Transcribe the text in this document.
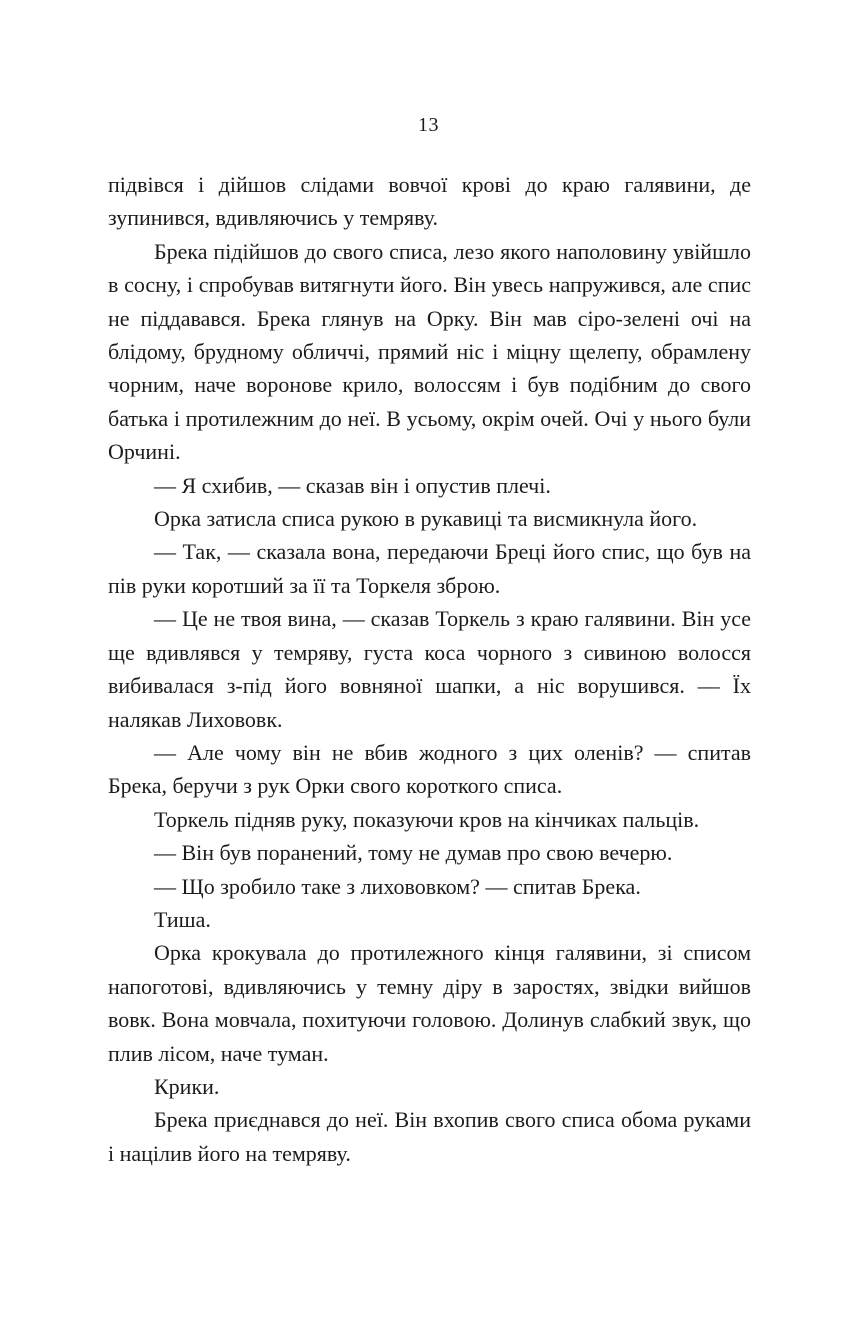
13

підвівся і дійшов слідами вовчої крові до краю галявини, де зупинився, вдивляючись у темряву.

Брека підійшов до свого списа, лезо якого наполовину увійшло в сосну, і спробував витягнути його. Він увесь напружився, але спис не піддавався. Брека глянув на Орку. Він мав сіро-зелені очі на блідому, брудному обличчі, прямий ніс і міцну щелепу, обрамлену чорним, наче воронове крило, волоссям і був подібним до свого батька і протилежним до неї. В усьому, окрім очей. Очі у нього були Орчині.

— Я схибив, — сказав він і опустив плечі.

Орка затисла списа рукою в рукавиці та висмикнула його.

— Так, — сказала вона, передаючи Бреці його спис, що був на пів руки коротший за її та Торкеля зброю.

— Це не твоя вина, — сказав Торкель з краю галявини. Він усе ще вдивлявся у темряву, густа коса чорного з сивиною волосся вибивалася з-під його вовняної шапки, а ніс ворушився. — Їх налякав Лихововк.

— Але чому він не вбив жодного з цих оленів? — спитав Брека, беручи з рук Орки свого короткого списа.

Торкель підняв руку, показуючи кров на кінчиках пальців.

— Він був поранений, тому не думав про свою вечерю.

— Що зробило таке з лихововком? — спитав Брека.

Тиша.

Орка крокувала до протилежного кінця галявини, зі списом напоготові, вдивляючись у темну діру в заростях, звідки вийшов вовк. Вона мовчала, похитуючи головою. Долинув слабкий звук, що плив лісом, наче туман.

Крики.

Брека приєднався до неї. Він вхопив свого списа обома руками і націлив його на темряву.
